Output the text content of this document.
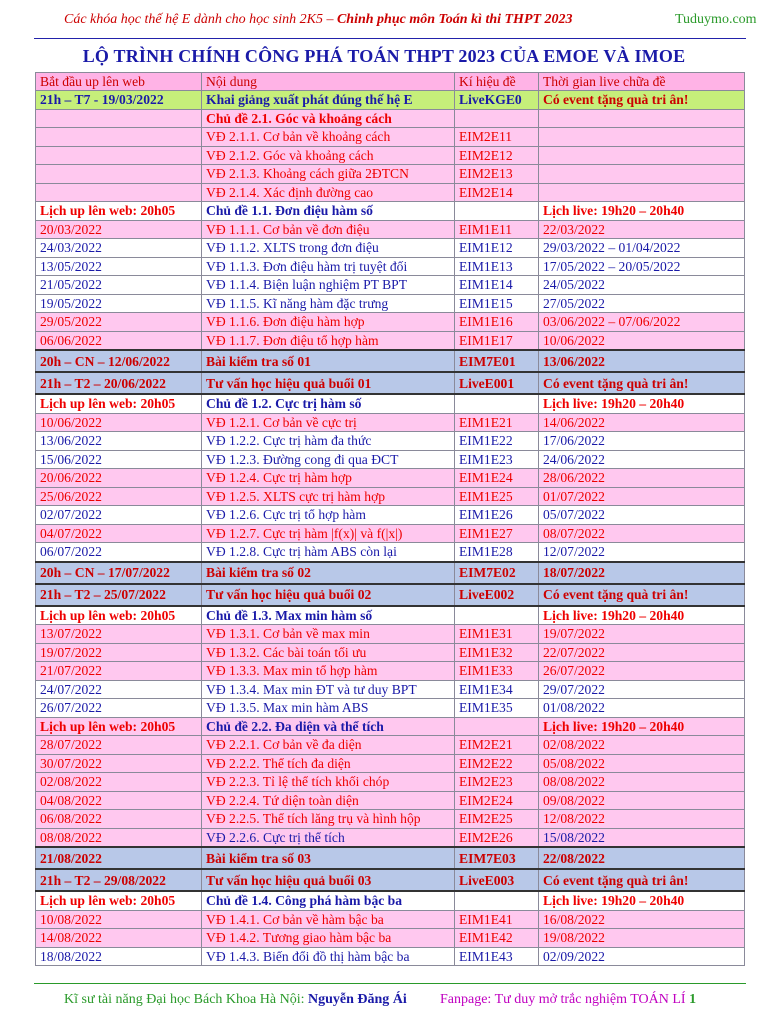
Các khóa học thế hệ E dành cho học sinh 2K5 – Chinh phục môn Toán kì thi THPT 2023	Tuduymo.com
LỘ TRÌNH CHÍNH CÔNG PHÁ TOÁN THPT 2023 CỦA EMOE VÀ IMOE
Bắt đầu up lên web	Nội dung	Kí hiệu đề	Thời gian live chữa đề
21h – T7 - 19/03/2022	Khai giảng xuất phát đúng thế hệ E	LiveKGE0	Có event tặng quà tri ân!
	Chủ đề 2.1. Góc và khoảng cách		
	VĐ 2.1.1. Cơ bản về khoảng cách	EIM2E11	
	VĐ 2.1.2. Góc và khoảng cách	EIM2E12	
	VĐ 2.1.3. Khoảng cách giữa 2ĐTCN	EIM2E13	
	VĐ 2.1.4. Xác định đường cao	EIM2E14	
Lịch up lên web: 20h05	Chủ đề 1.1. Đơn điệu hàm số		Lịch live: 19h20 – 20h40
20/03/2022	VĐ 1.1.1. Cơ bản về đơn điệu	EIM1E11	22/03/2022
24/03/2022	VĐ 1.1.2. XLTS trong đơn điệu	EIM1E12	29/03/2022 – 01/04/2022
13/05/2022	VĐ 1.1.3. Đơn điệu hàm trị tuyệt đối	EIM1E13	17/05/2022 – 20/05/2022
21/05/2022	VĐ 1.1.4. Biện luận nghiệm PT BPT	EIM1E14	24/05/2022
19/05/2022	VĐ 1.1.5. Kĩ năng hàm đặc trưng	EIM1E15	27/05/2022
29/05/2022	VĐ 1.1.6. Đơn điệu hàm hợp	EIM1E16	03/06/2022 – 07/06/2022
06/06/2022	VĐ 1.1.7. Đơn điệu tổ hợp hàm	EIM1E17	10/06/2022
20h – CN – 12/06/2022	Bài kiểm tra số 01	EIM7E01	13/06/2022
21h – T2 – 20/06/2022	Tư vấn học hiệu quả buổi 01	LiveE001	Có event tặng quà tri ân!
Lịch up lên web: 20h05	Chủ đề 1.2. Cực trị hàm số		Lịch live: 19h20 – 20h40
10/06/2022	VĐ 1.2.1. Cơ bản về cực trị	EIM1E21	14/06/2022
13/06/2022	VĐ 1.2.2. Cực trị hàm đa thức	EIM1E22	17/06/2022
15/06/2022	VĐ 1.2.3. Đường cong đi qua ĐCT	EIM1E23	24/06/2022
20/06/2022	VĐ 1.2.4. Cực trị hàm hợp	EIM1E24	28/06/2022
25/06/2022	VĐ 1.2.5. XLTS cực trị hàm hợp	EIM1E25	01/07/2022
02/07/2022	VĐ 1.2.6. Cực trị tổ hợp hàm	EIM1E26	05/07/2022
04/07/2022	VĐ 1.2.7. Cực trị hàm |f(x)| và f(|x|)	EIM1E27	08/07/2022
06/07/2022	VĐ 1.2.8. Cực trị hàm ABS còn lại	EIM1E28	12/07/2022
20h – CN – 17/07/2022	Bài kiểm tra số 02	EIM7E02	18/07/2022
21h – T2 – 25/07/2022	Tư vấn học hiệu quả buổi 02	LiveE002	Có event tặng quà tri ân!
Lịch up lên web: 20h05	Chủ đề 1.3. Max min hàm số		Lịch live: 19h20 – 20h40
13/07/2022	VĐ 1.3.1. Cơ bản về max min	EIM1E31	19/07/2022
19/07/2022	VĐ 1.3.2. Các bài toán tối ưu	EIM1E32	22/07/2022
21/07/2022	VĐ 1.3.3. Max min tổ hợp hàm	EIM1E33	26/07/2022
24/07/2022	VĐ 1.3.4. Max min ĐT và tư duy BPT	EIM1E34	29/07/2022
26/07/2022	VĐ 1.3.5. Max min hàm ABS	EIM1E35	01/08/2022
Lịch up lên web: 20h05	Chủ đề 2.2. Đa diện và thể tích		Lịch live: 19h20 – 20h40
28/07/2022	VĐ 2.2.1. Cơ bản về đa diện	EIM2E21	02/08/2022
30/07/2022	VĐ 2.2.2. Thể tích đa diện	EIM2E22	05/08/2022
02/08/2022	VĐ 2.2.3. Tỉ lệ thể tích khối chóp	EIM2E23	08/08/2022
04/08/2022	VĐ 2.2.4. Tứ diện toàn diện	EIM2E24	09/08/2022
06/08/2022	VĐ 2.2.5. Thể tích lăng trụ và hình hộp	EIM2E25	12/08/2022
08/08/2022	VĐ 2.2.6. Cực trị thể tích	EIM2E26	15/08/2022
21/08/2022	Bài kiểm tra số 03	EIM7E03	22/08/2022
21h – T2 – 29/08/2022	Tư vấn học hiệu quả buổi 03	LiveE003	Có event tặng quà tri ân!
Lịch up lên web: 20h05	Chủ đề 1.4. Công phá hàm bậc ba		Lịch live: 19h20 – 20h40
10/08/2022	VĐ 1.4.1. Cơ bản về hàm bậc ba	EIM1E41	16/08/2022
14/08/2022	VĐ 1.4.2. Tương giao hàm bậc ba	EIM1E42	19/08/2022
18/08/2022	VĐ 1.4.3. Biến đổi đồ thị hàm bậc ba	EIM1E43	02/09/2022
Kĩ sư tài năng Đại học Bách Khoa Hà Nội: Nguyễn Đăng Ái Fanpage: Tư duy mở trắc nghiệm TOÁN LÍ 1
